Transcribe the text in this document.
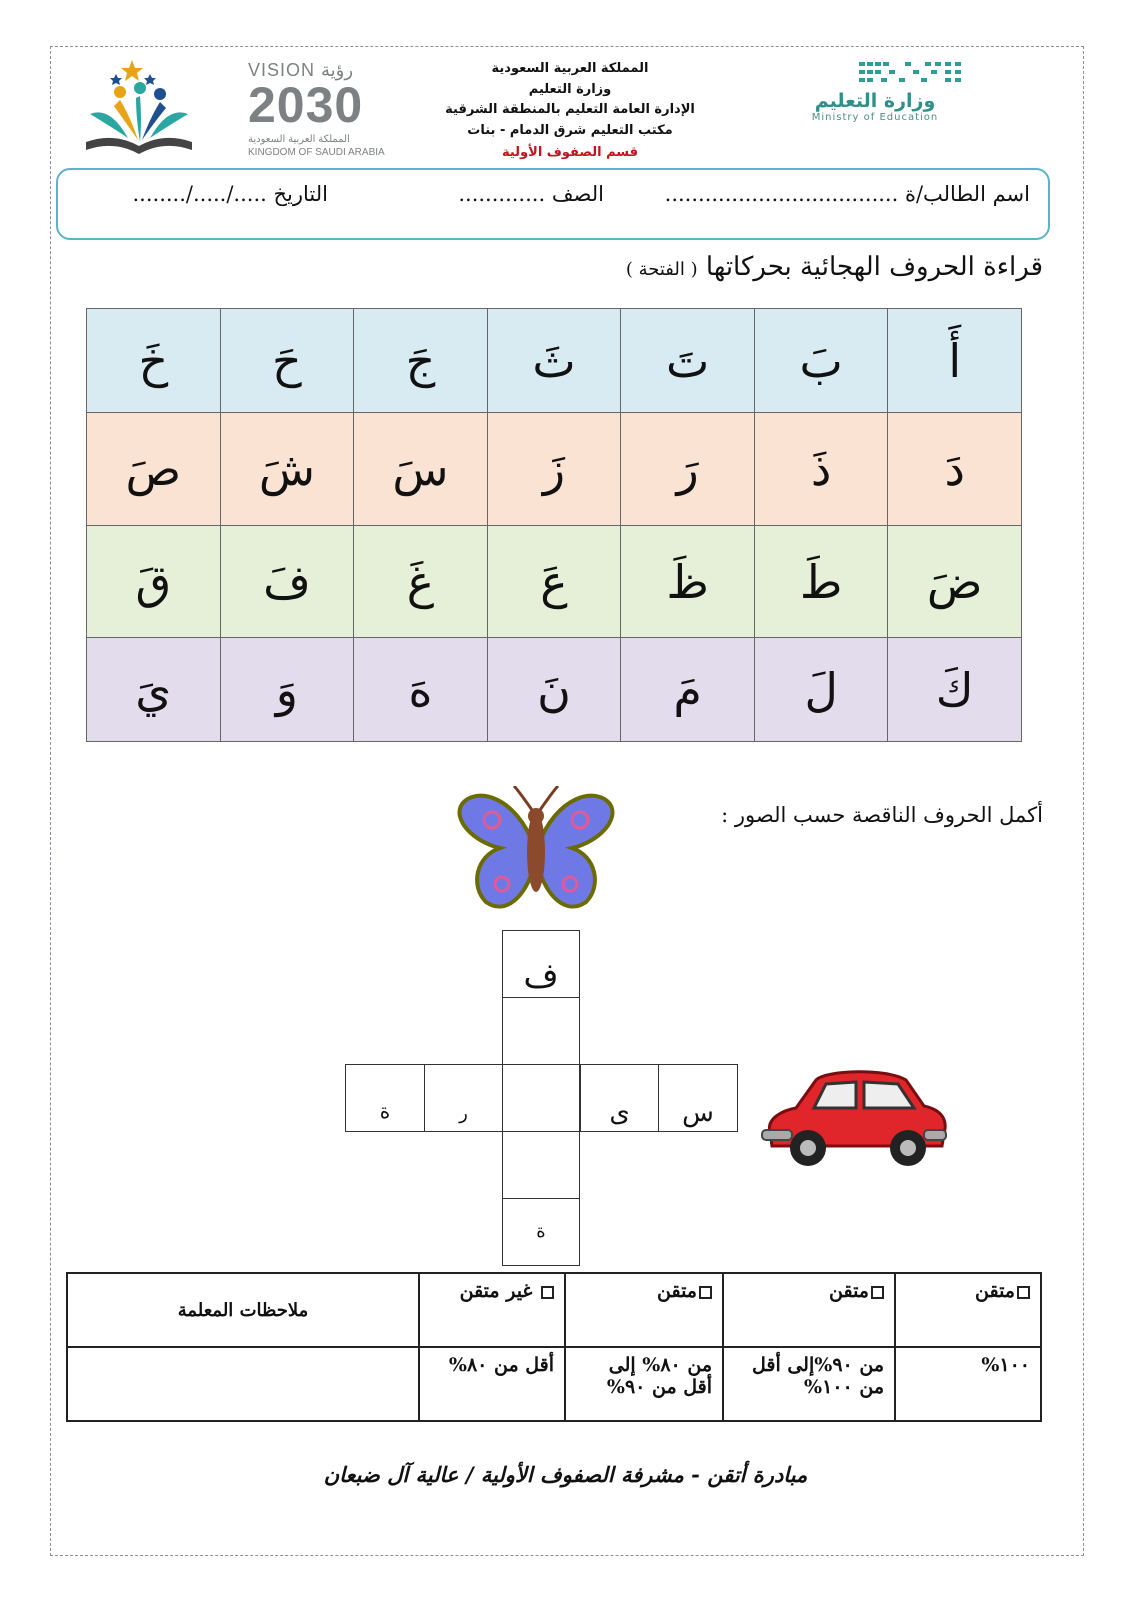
VISION رؤية
2030
المملكة العربية السعودية
KINGDOM OF SAUDI ARABIA
المملكة العربية السعودية
وزارة التعليم
الإدارة العامة التعليم بالمنطقة الشرقية
مكتب التعليم شرق الدمام - بنات
قسم الصفوف الأولية
وزارة التعليم
Ministry of Education
اسم الطالب/ة ...................................
الصف .............
التاريخ ...../...../........
قراءة الحروف الهجائية بحركاتها ( الفتحة )
أَ	بَ	تَ	ثَ	جَ	حَ	خَ
دَ	ذَ	رَ	زَ	سَ	شَ	صَ
ضَ	طَ	ظَ	عَ	غَ	فَ	قَ
كَ	لَ	مَ	نَ	هَ	وَ	يَ
أكمل الحروف الناقصة حسب الصور :
ف
ة
س
ى
ر
ة
متقن	متقن	متقن	غير متقن	ملاحظات المعلمة
١٠٠%	من ٩٠%إلى أقل من ١٠٠%	من ٨٠% إلى أقل من ٩٠%	أقل من ٨٠%	
مبادرة أتقن - مشرفة الصفوف الأولية / عالية آل ضبعان
